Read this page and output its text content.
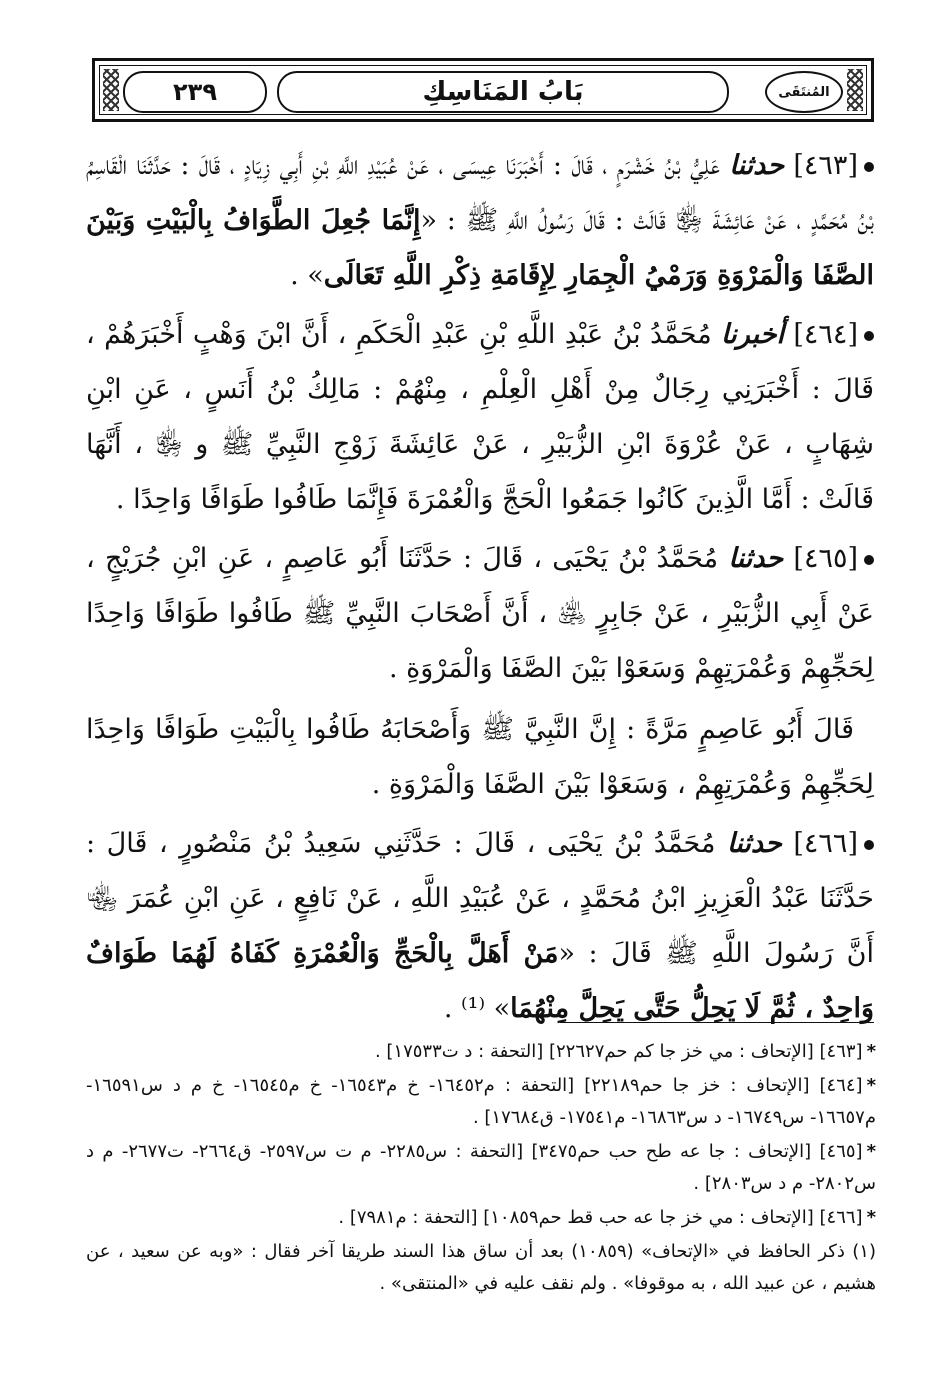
٢٣٩	بَابُ المَنَاسِكِ	المُنتَقَى

[٤٦٣] حدثنا عَلِيُّ بْنُ خَشْرَمٍ ، قَالَ : أَخْبَرَنَا عِيسَى ، عَنْ عُبَيْدِ اللَّهِ بْنِ أَبِي زِيَادٍ ، قَالَ : حَدَّثَنَا الْقَاسِمُ بْنُ مُحَمَّدٍ ، عَنْ عَائِشَةَ ﵂ قَالَتْ : قَالَ رَسُولُ اللَّهِ ﷺ : «إِنَّمَا جُعِلَ الطَّوَافُ بِالْبَيْتِ وَبَيْنَ الصَّفَا وَالْمَرْوَةِ وَرَمْيُ الْجِمَارِ لِإِقَامَةِ ذِكْرِ اللَّهِ تَعَالَى» .

[٤٦٤] أخبرنا مُحَمَّدُ بْنُ عَبْدِ اللَّهِ بْنِ عَبْدِ الْحَكَمِ ، أَنَّ ابْنَ وَهْبٍ أَخْبَرَهُمْ ، قَالَ : أَخْبَرَنِي رِجَالٌ مِنْ أَهْلِ الْعِلْمِ ، مِنْهُمْ : مَالِكُ بْنُ أَنَسٍ ، عَنِ ابْنِ شِهَابٍ ، عَنْ عُرْوَةَ ابْنِ الزُّبَيْرِ ، عَنْ عَائِشَةَ زَوْجِ النَّبِيِّ ﷺ و ﵂ ، أَنَّهَا قَالَتْ : أَمَّا الَّذِينَ كَانُوا جَمَعُوا الْحَجَّ وَالْعُمْرَةَ فَإِنَّمَا طَافُوا طَوَافًا وَاحِدًا .

[٤٦٥] حدثنا مُحَمَّدُ بْنُ يَحْيَى ، قَالَ : حَدَّثَنَا أَبُو عَاصِمٍ ، عَنِ ابْنِ جُرَيْجٍ ، عَنْ أَبِي الزُّبَيْرِ ، عَنْ جَابِرٍ ﵁ ، أَنَّ أَصْحَابَ النَّبِيِّ ﷺ طَافُوا طَوَافًا وَاحِدًا لِحَجِّهِمْ وَعُمْرَتِهِمْ وَسَعَوْا بَيْنَ الصَّفَا وَالْمَرْوَةِ .

قَالَ أَبُو عَاصِمٍ مَرَّةً : إِنَّ النَّبِيَّ ﷺ وَأَصْحَابَهُ طَافُوا بِالْبَيْتِ طَوَافًا وَاحِدًا لِحَجِّهِمْ وَعُمْرَتِهِمْ ، وَسَعَوْا بَيْنَ الصَّفَا وَالْمَرْوَةِ .

[٤٦٦] حدثنا مُحَمَّدُ بْنُ يَحْيَى ، قَالَ : حَدَّثَنِي سَعِيدُ بْنُ مَنْصُورٍ ، قَالَ : حَدَّثَنَا عَبْدُ الْعَزِيزِ ابْنُ مُحَمَّدٍ ، عَنْ عُبَيْدِ اللَّهِ ، عَنْ نَافِعٍ ، عَنِ ابْنِ عُمَرَ ﵄ أَنَّ رَسُولَ اللَّهِ ﷺ قَالَ : «مَنْ أَهَلَّ بِالْحَجِّ وَالْعُمْرَةِ كَفَاهُ لَهُمَا طَوَافٌ وَاحِدٌ ، ثُمَّ لَا يَحِلُّ حَتَّى يَحِلَّ مِنْهُمَا» ⁽¹⁾ .

*[٤٦٣] [الإتحاف : مي خز جا كم حم٢٢٦٢٧] [التحفة : د ت١٧٥٣٣] .

*[٤٦٤] [الإتحاف : خز جا حم٢٢١٨٩] [التحفة : م١٦٤٥٢- خ م١٦٥٤٣- خ م١٦٥٤٥- خ م د س١٦٥٩١- م١٦٦٥٧- س١٦٧٤٩- د س١٦٨٦٣- م١٧٥٤١- ق١٧٦٨٤] .

*[٤٦٥] [الإتحاف : جا عه طح حب حم٣٤٧٥] [التحفة : س٢٢٨٥- م ت س٢٥٩٧- ق٢٦٦٤- ت٢٦٧٧- م د س٢٨٠٢- م د س٢٨٠٣] .

*[٤٦٦] [الإتحاف : مي خز جا عه حب قط حم١٠٨٥٩] [التحفة : م٧٩٨١] .

(١) ذكر الحافظ في «الإتحاف» (١٠٨٥٩) بعد أن ساق هذا السند طريقا آخر فقال : «وبه عن سعيد ، عن هشيم ، عن عبيد الله ، به موقوفا» . ولم نقف عليه في «المنتقى» .
